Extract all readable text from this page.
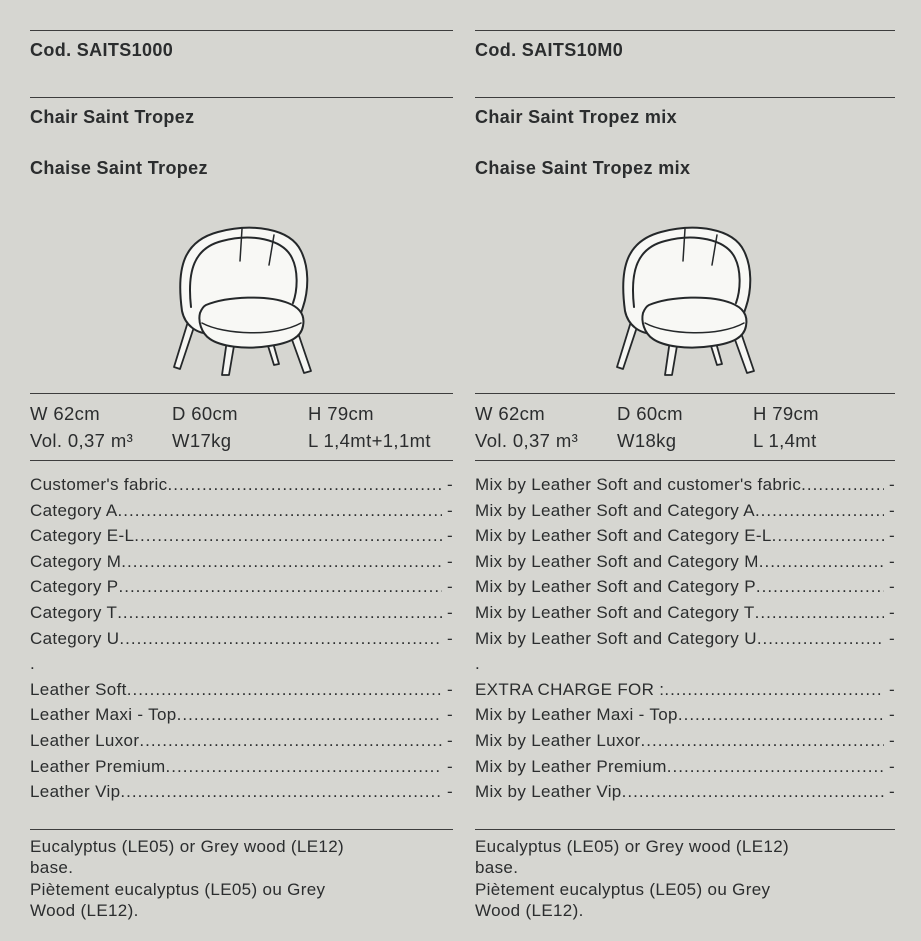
Cod. SAITS1000
Chair Saint Tropez
Chaise Saint Tropez
W 62cm	D 60cm	H 79cm
Vol. 0,37 m³	W17kg	L 1,4mt+1,1mt
Customer's fabric .....	-
Category A .....	-
Category E-L .....	-
Category M .....	-
Category P .....	-
Category T .....	-
Category U .....	-
.
Leather Soft .....	-
Leather Maxi - Top .....	-
Leather Luxor .....	-
Leather Premium .....	-
Leather Vip .....	-
Eucalyptus (LE05) or Grey wood (LE12)
base.
Piètement eucalyptus (LE05) ou Grey
Wood (LE12).
Cod. SAITS10M0
Chair Saint Tropez mix
Chaise Saint Tropez mix
W 62cm	D 60cm	H 79cm
Vol. 0,37 m³	W18kg	L 1,4mt
Mix by Leather Soft and customer's fabric .....	-
Mix by Leather Soft and Category A .....	-
Mix by Leather Soft and Category E-L .....	-
Mix by Leather Soft and Category M .....	-
Mix by Leather Soft and Category P .....	-
Mix by Leather Soft and Category T .....	-
Mix by Leather Soft and Category U .....	-
.
EXTRA CHARGE FOR : .....	-
Mix by Leather Maxi - Top .....	-
Mix by Leather Luxor .....	-
Mix by Leather Premium .....	-
Mix by Leather Vip .....	-
Eucalyptus (LE05) or Grey wood (LE12)
base.
Piètement eucalyptus (LE05) ou Grey
Wood (LE12).
